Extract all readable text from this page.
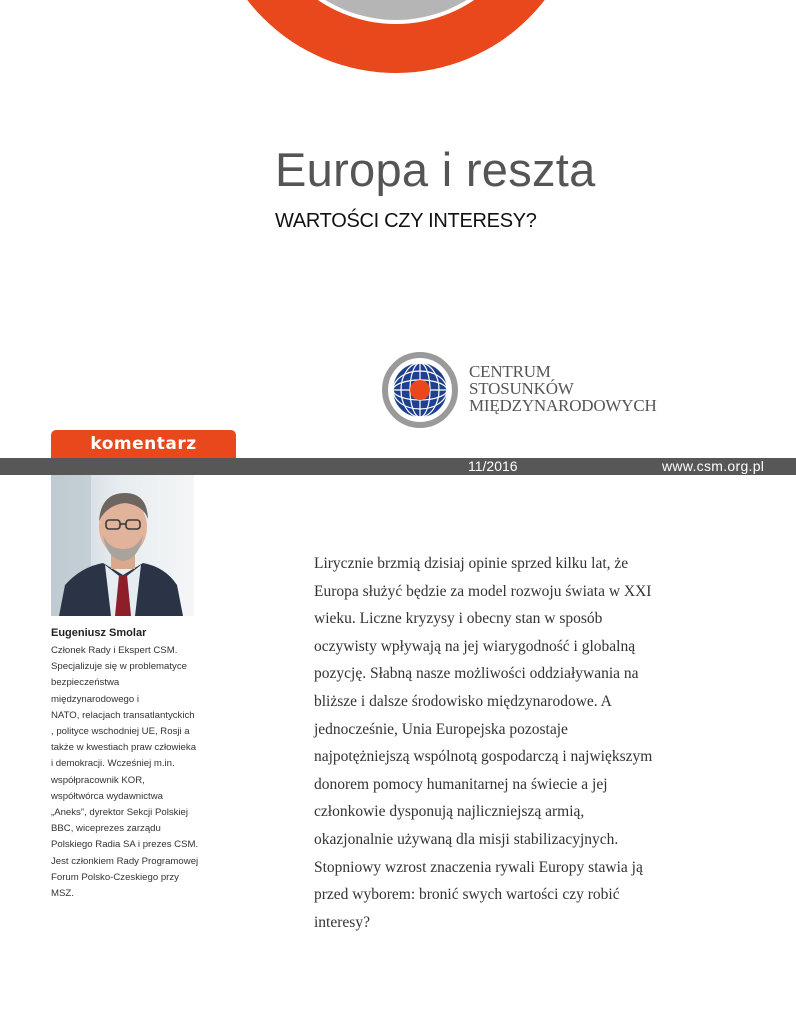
Europa i reszta
WARTOŚCI CZY INTERESY?
CENTRUM
STOSUNKÓW
MIĘDZYNARODOWYCH
komentarz
11/2016	www.csm.org.pl
Eugeniusz Smolar
Członek Rady i Ekspert CSM.
Specjalizuje się w problematyce
bezpieczeństwa
międzynarodowego i
NATO, relacjach transatlantyckich
, polityce wschodniej UE, Rosji a
także w kwestiach praw człowieka
i demokracji. Wcześniej m.in.
współpracownik KOR,
współtwórca wydawnictwa
„Aneks”, dyrektor Sekcji Polskiej
BBC, wiceprezes zarządu
Polskiego Radia SA i prezes CSM.
Jest członkiem Rady Programowej
Forum Polsko-Czeskiego przy
MSZ.
Lirycznie brzmią dzisiaj opinie sprzed kilku lat, że
Europa służyć będzie za model rozwoju świata w XXI
wieku. Liczne kryzysy i obecny stan w sposób
oczywisty wpływają na jej wiarygodność i globalną
pozycję. Słabną nasze możliwości oddziaływania na
bliższe i dalsze środowisko międzynarodowe. A
jednocześnie, Unia Europejska pozostaje
najpotężniejszą wspólnotą gospodarczą i największym
donorem pomocy humanitarnej na świecie a jej
członkowie dysponują najliczniejszą armią,
okazjonalnie używaną dla misji stabilizacyjnych.
Stopniowy wzrost znaczenia rywali Europy stawia ją
przed wyborem: bronić swych wartości czy robić
interesy?
